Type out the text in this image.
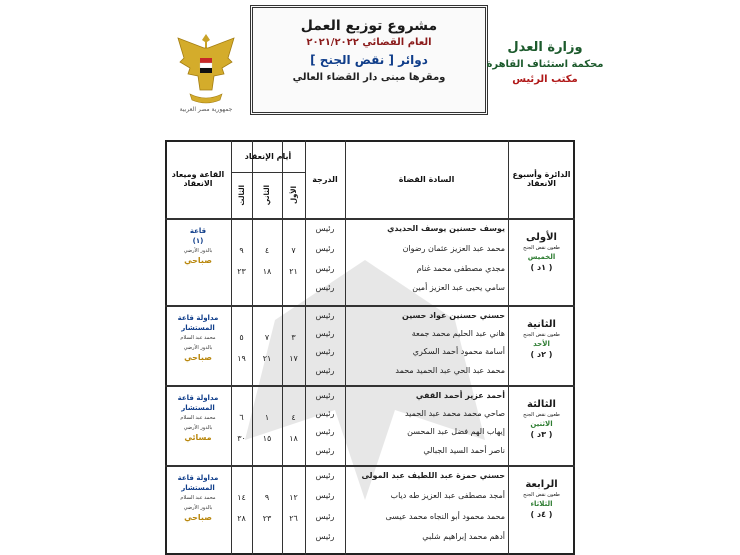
جمهورية مصر العربية
مشروع توزيع العمل
العام القضائي ٢٠٢١/٢٠٢٢
دوائر [ نقض الجنح ]
ومقرها مبنى دار القضاء العالي
وزارة العدل
محكمة استئناف القاهرة
مكتب الرئيس
الدائرة وأسبوع الانعقاد
السادة القضاة
الدرجة
أيام الإنعقاد
الأول
الثاني
الثالث
القاعة وميعاد الانعقاد
الأولى
طعون نقض الجنح
الخميس
( ١د )
يوسف حسنين يوسف الحديدي
رئيس
محمد عبد العزيز عثمان رضوان
رئيس
مجدي مصطفى محمد غنام
رئيس
سامي يحيى عبد العزيز أمين
رئيس
٧
٢١
٤
١٨
٩
٢٣
قاعة
(١)
بالدور الأرضي
صباحي
الثانية
طعون نقض الجنح
الأحد
( ٢د )
حسني حسنين عواد حسين
رئيس
هاني عبد الحليم محمد جمعة
رئيس
أسامة محمود أحمد السكري
رئيس
محمد عبد الحي عبد الحميد محمد
رئيس
٣
١٧
٧
٢١
٥
١٩
مداولة قاعة
المستشار
محمد عبد السلام
بالدور الأرضي
صباحي
الثالثة
طعون نقض الجنح
الاثنين
( ٣د )
أحمد عزير أحمد القفي
رئيس
صاحي محمد محمد عبد الحميد
رئيس
إيهاب الهم فضل عبد المحسن
رئيس
ناصر أحمد السيد الجبالي
رئيس
٤
١٨
١
١٥
٦
٣٠
مداولة قاعة
المستشار
محمد عبد السلام
بالدور الأرضي
مسائي
الرابعة
طعون نقض الجنح
الثلاثاء
( ٤د )
حسني حمزة عبد اللطيف عبد المولى
رئيس
أمجد مصطفى عبد العزيز طه دياب
رئيس
محمد محمود أبو النجاه محمد عيسى
رئيس
أدهم محمد إبراهيم شلبي
رئيس
١٢
٢٦
٩
٢٣
١٤
٢٨
مداولة قاعة
المستشار
محمد عبد السلام
بالدور الأرضي
صباحي
